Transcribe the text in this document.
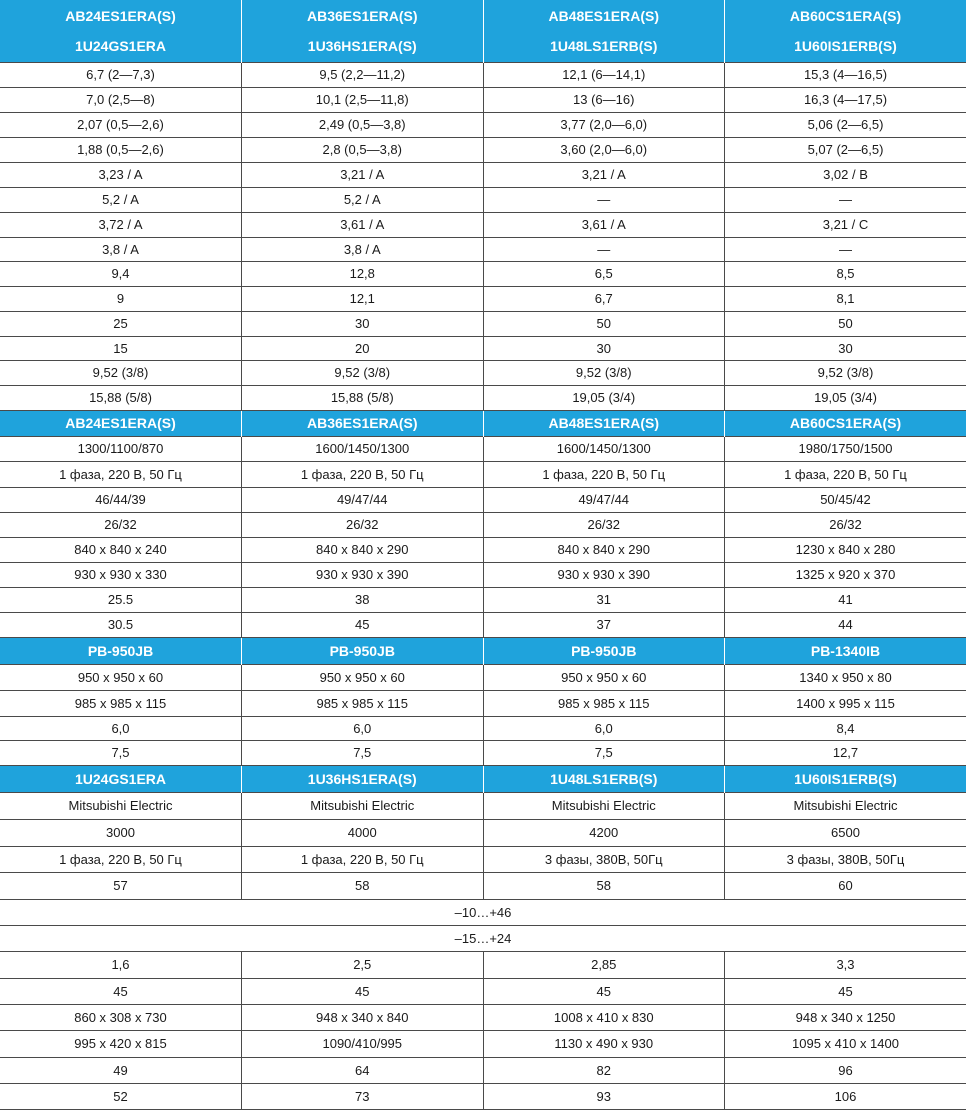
AB24ES1ERA(S)	AB36ES1ERA(S)	AB48ES1ERA(S)	AB60CS1ERA(S)
1U24GS1ERA	1U36HS1ERA(S)	1U48LS1ERB(S)	1U60IS1ERB(S)
6,7 (2—7,3)	9,5 (2,2—11,2)	12,1 (6—14,1)	15,3 (4—16,5)
7,0 (2,5—8)	10,1 (2,5—11,8)	13 (6—16)	16,3 (4—17,5)
2,07 (0,5—2,6)	2,49 (0,5—3,8)	3,77 (2,0—6,0)	5,06 (2—6,5)
1,88 (0,5—2,6)	2,8 (0,5—3,8)	3,60 (2,0—6,0)	5,07 (2—6,5)
3,23 / A	3,21 / A	3,21 / A	3,02 / B
5,2 / A	5,2 / A	—	—
3,72 / A	3,61 / A	3,61 / A	3,21 / C
3,8 / A	3,8 / A	—	—
9,4	12,8	6,5	8,5
9	12,1	6,7	8,1
25	30	50	50
15	20	30	30
9,52 (3/8)	9,52 (3/8)	9,52 (3/8)	9,52 (3/8)
15,88 (5/8)	15,88 (5/8)	19,05 (3/4)	19,05 (3/4)
AB24ES1ERA(S)	AB36ES1ERA(S)	AB48ES1ERA(S)	AB60CS1ERA(S)
1300/1100/870	1600/1450/1300	1600/1450/1300	1980/1750/1500
1 фаза, 220 В, 50 Гц	1 фаза, 220 В, 50 Гц	1 фаза, 220 В, 50 Гц	1 фаза, 220 В, 50 Гц
46/44/39	49/47/44	49/47/44	50/45/42
26/32	26/32	26/32	26/32
840 x 840 x 240	840 x 840 x 290	840 x 840 x 290	1230 x 840 x 280
930 x 930 x 330	930 x 930 x 390	930 x 930 x 390	1325 x 920 x 370
25.5	38	31	41
30.5	45	37	44
PB-950JB	PB-950JB	PB-950JB	PB-1340IB
950 x 950 x 60	950 x 950 x 60	950 x 950 x 60	1340 x 950 x 80
985 x 985 x 115	985 x 985 x 115	985 x 985 x 115	1400 x 995 x 115
6,0	6,0	6,0	8,4
7,5	7,5	7,5	12,7
1U24GS1ERA	1U36HS1ERA(S)	1U48LS1ERB(S)	1U60IS1ERB(S)
Mitsubishi Electric	Mitsubishi Electric	Mitsubishi Electric	Mitsubishi Electric
3000	4000	4200	6500
1 фаза, 220 В, 50 Гц	1 фаза, 220 В, 50 Гц	3 фазы, 380В, 50Гц	3 фазы, 380В, 50Гц
57	58	58	60
–10…+46			
–15…+24			
1,6	2,5	2,85	3,3
45	45	45	45
860 x 308 x 730	948 x 340 x 840	1008 x 410 x 830	948 x 340 x 1250
995 x 420 x 815	1090/410/995	1130 x 490 x 930	1095 x 410 x 1400
49	64	82	96
52	73	93	106
